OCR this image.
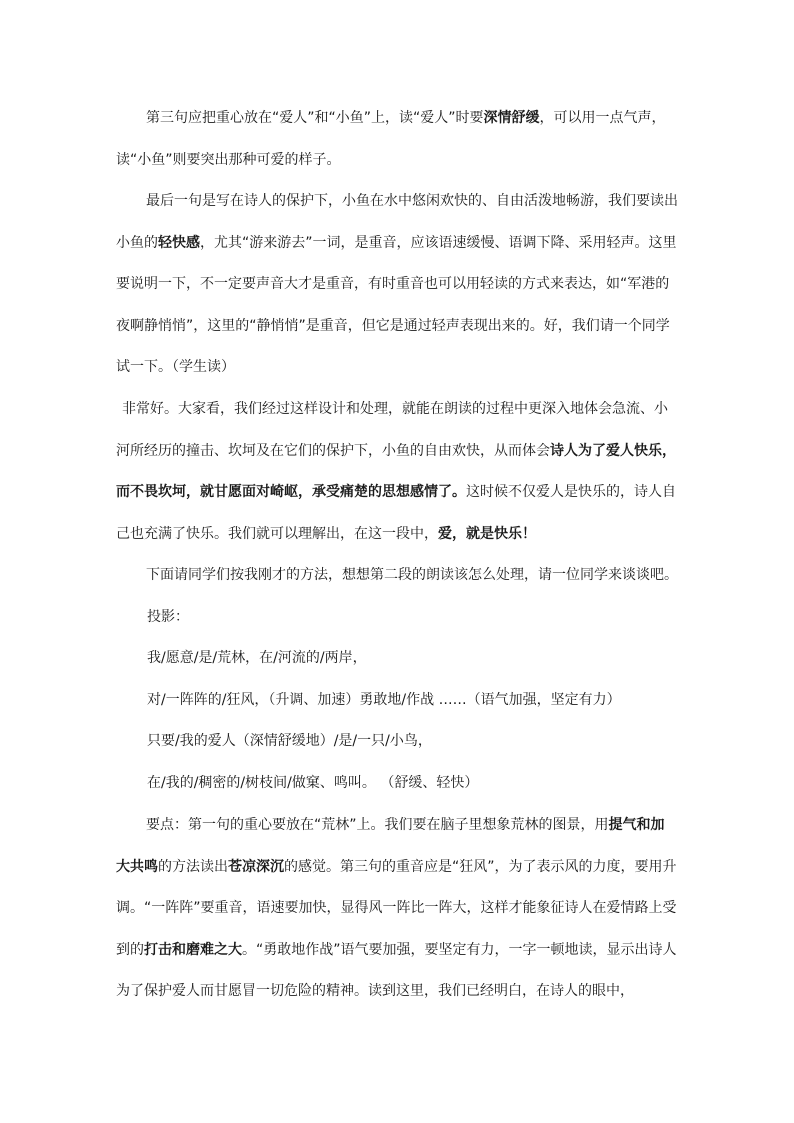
第三句应把重心放在“爱人”和“小鱼”上，读“爱人”时要深情舒缓，可以用一点气声，读“小鱼”则要突出那种可爱的样子。

最后一句是写在诗人的保护下，小鱼在水中悠闲欢快的、自由活泼地畅游，我们要读出小鱼的轻快感，尤其“游来游去”一词，是重音，应该语速缓慢、语调下降、采用轻声。这里要说明一下，不一定要声音大才是重音，有时重音也可以用轻读的方式来表达，如“军港的夜啊静悄悄”，这里的“静悄悄”是重音，但它是通过轻声表现出来的。好，我们请一个同学试一下。（学生读）

非常好。大家看，我们经过这样设计和处理，就能在朗读的过程中更深入地体会急流、小河所经历的撞击、坎坷及在它们的保护下，小鱼的自由欢快，从而体会诗人为了爱人快乐，而不畏坎坷，就甘愿面对崎岖，承受痛楚的思想感情了。这时候不仅爱人是快乐的，诗人自己也充满了快乐。我们就可以理解出，在这一段中，爱，就是快乐！

下面请同学们按我刚才的方法，想想第二段的朗读该怎么处理，请一位同学来谈谈吧。

投影：

我/愿意/是/荒林，在/河流的/两岸，

对/一阵阵的/狂风，（升调、加速）勇敢地/作战 ……（语气加强，坚定有力）

只要/我的爱人（深情舒缓地）/是/一只/小鸟，

在/我的/稠密的/树枝间/做窠、鸣叫。 （舒缓、轻快）

要点：第一句的重心要放在“荒林”上。我们要在脑子里想象荒林的图景，用提气和加大共鸣的方法读出苍凉深沉的感觉。第三句的重音应是“狂风”，为了表示风的力度，要用升调。“一阵阵”要重音，语速要加快，显得风一阵比一阵大，这样才能象征诗人在爱情路上受到的打击和磨难之大。“勇敢地作战”语气要加强，要坚定有力，一字一顿地读，显示出诗人为了保护爱人而甘愿冒一切危险的精神。读到这里，我们已经明白，在诗人的眼中，
